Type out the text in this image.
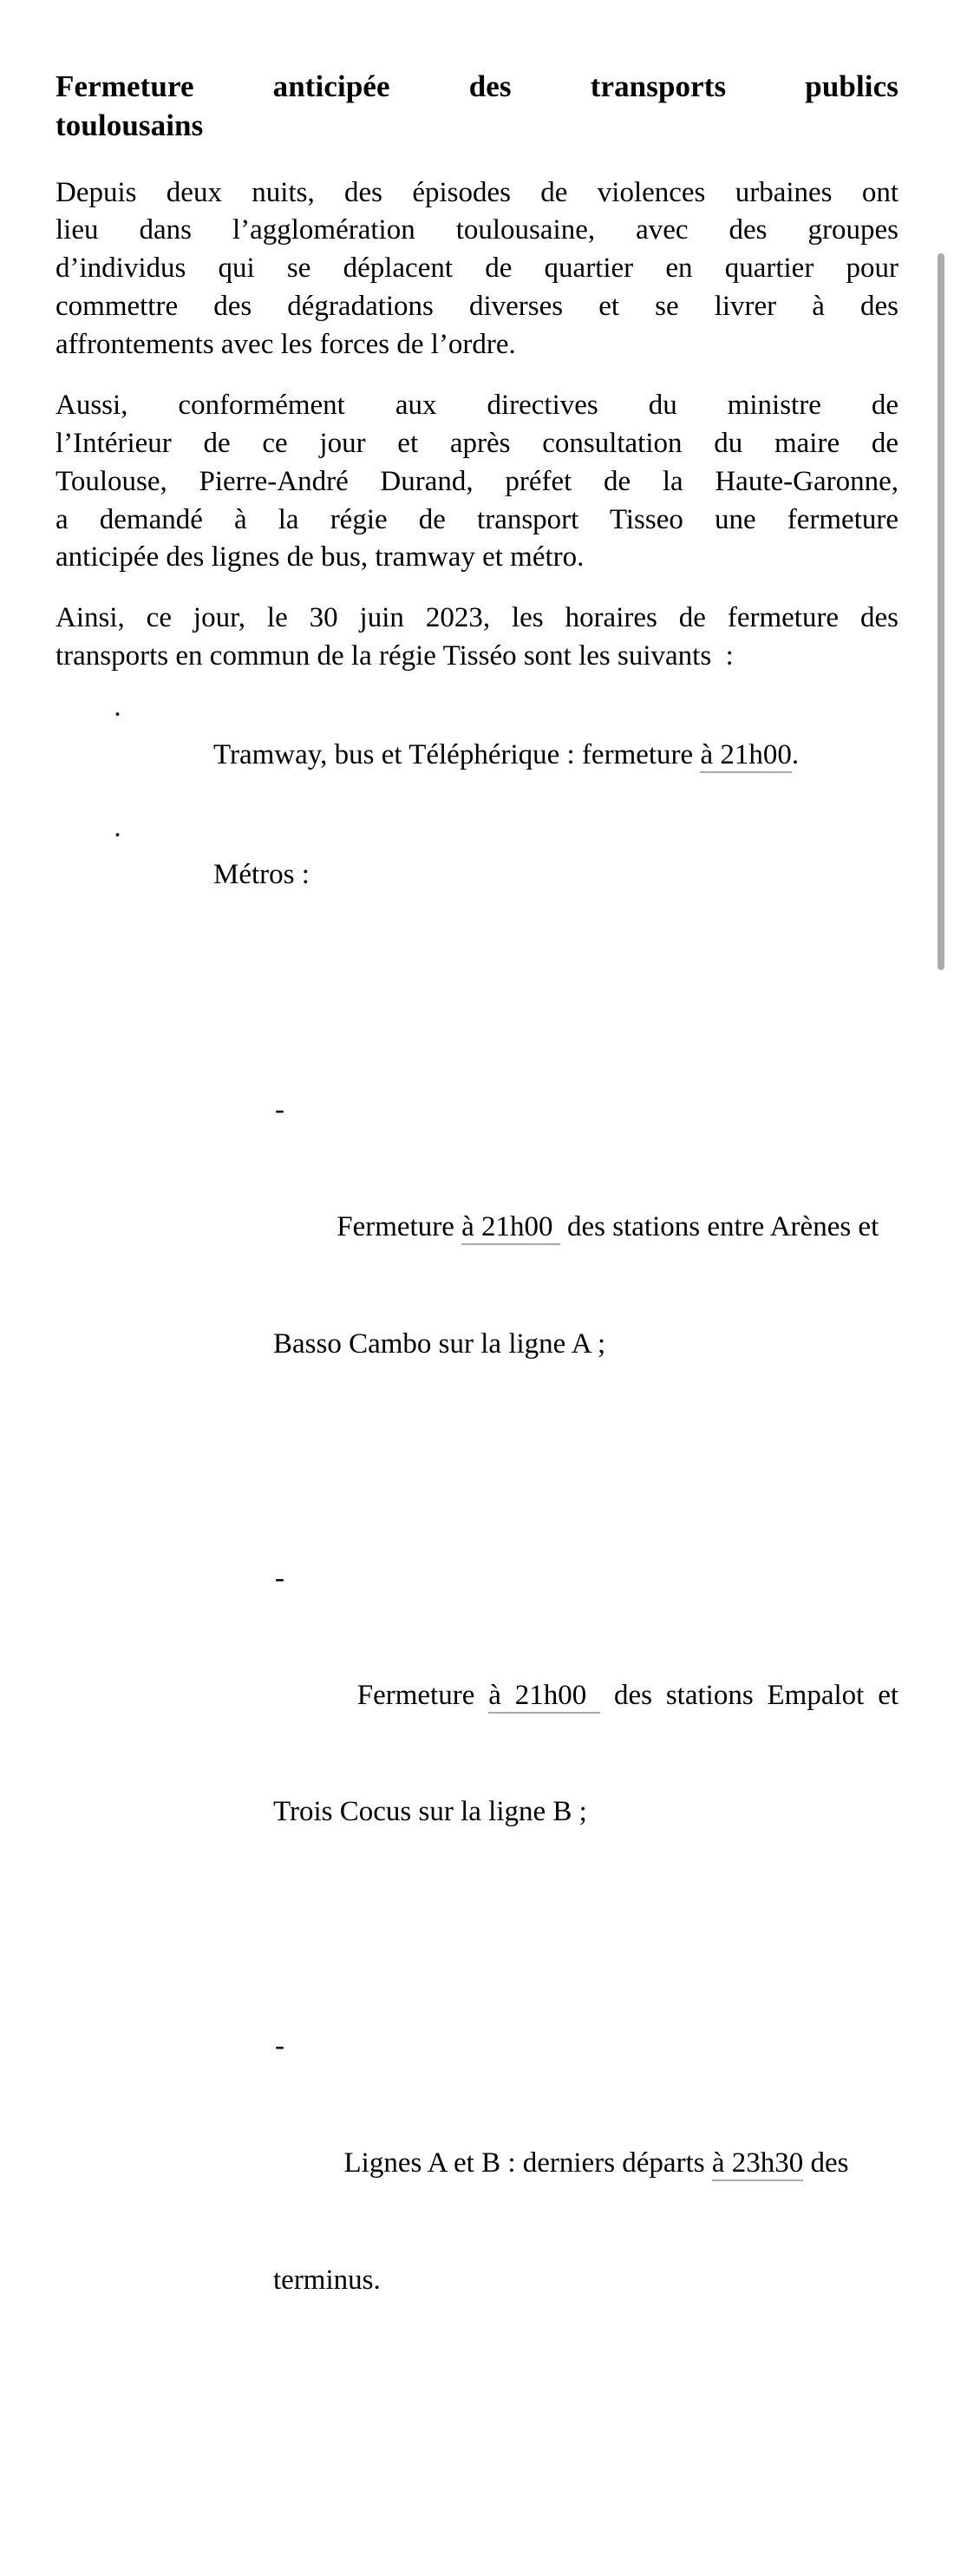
Fermeture anticipée des transports publics
toulousains

Depuis deux nuits, des épisodes de violences urbaines ont
lieu dans l’agglomération toulousaine, avec des groupes
d’individus qui se déplacent de quartier en quartier pour
commettre des dégradations diverses et se livrer à des
affrontements avec les forces de l’ordre.

Aussi, conformément aux directives du ministre de
l’Intérieur de ce jour et après consultation du maire de
Toulouse, Pierre-André Durand, préfet de la Haute-Garonne,
a demandé à la régie de transport Tisseo une fermeture
anticipée des lignes de bus, tramway et métro.

Ainsi, ce jour, le 30 juin 2023, les horaires de fermeture des
transports en commun de la régie Tisséo sont les suivants  :

·
Tramway, bus et Téléphérique : fermeture à 21h00.

·
Métros :

-

Fermeture à 21h00  des stations entre Arènes et

Basso Cambo sur la ligne A ;

-

Fermeture à 21h00  des stations Empalot et

Trois Cocus sur la ligne B ;

-

Lignes A et B : derniers départs à 23h30 des

terminus.
